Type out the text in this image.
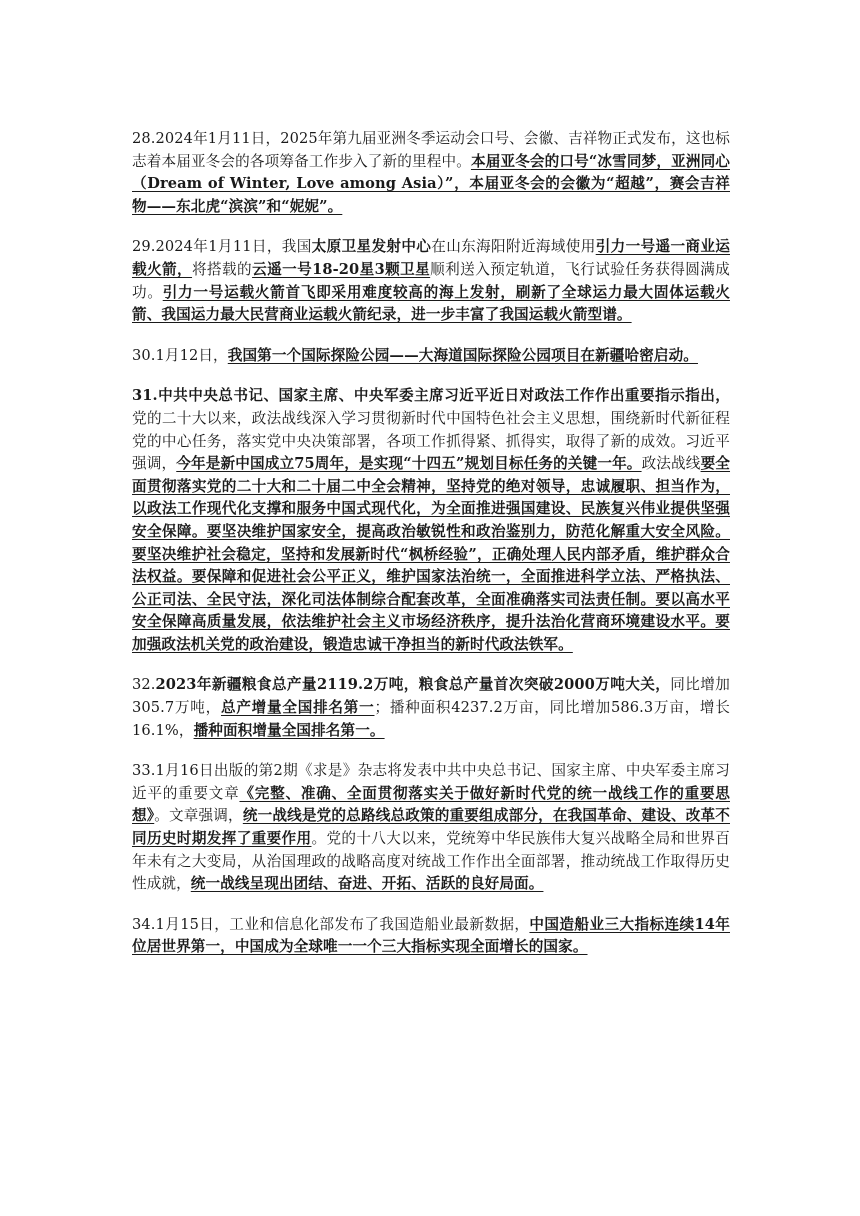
28.2024年1月11日，2025年第九届亚洲冬季运动会口号、会徽、吉祥物正式发布，这也标志着本届亚冬会的各项筹备工作步入了新的里程中。本届亚冬会的口号“冰雪同梦，亚洲同心（Dream of Winter, Love among Asia）”，本届亚冬会的会徽为“超越”，赛会吉祥物——东北虎“滨滨”和“妮妮”。

29.2024年1月11日，我国太原卫星发射中心在山东海阳附近海域使用引力一号遥一商业运载火箭，将搭载的云遥一号18-20星3颗卫星顺利送入预定轨道，飞行试验任务获得圆满成功。引力一号运载火箭首飞即采用难度较高的海上发射，刷新了全球运力最大固体运载火箭、我国运力最大民营商业运载火箭纪录，进一步丰富了我国运载火箭型谱。

30.1月12日，我国第一个国际探险公园——大海道国际探险公园项目在新疆哈密启动。

31.中共中央总书记、国家主席、中央军委主席习近平近日对政法工作作出重要指示指出，党的二十大以来，政法战线深入学习贯彻新时代中国特色社会主义思想，围绕新时代新征程党的中心任务，落实党中央决策部署，各项工作抓得紧、抓得实，取得了新的成效。习近平强调，今年是新中国成立75周年，是实现“十四五”规划目标任务的关键一年。政法战线要全面贯彻落实党的二十大和二十届二中全会精神，坚持党的绝对领导，忠诚履职、担当作为，以政法工作现代化支撑和服务中国式现代化，为全面推进强国建设、民族复兴伟业提供坚强安全保障。要坚决维护国家安全，提高政治敏锐性和政治鉴别力，防范化解重大安全风险。要坚决维护社会稳定，坚持和发展新时代“枫桥经验”，正确处理人民内部矛盾，维护群众合法权益。要保障和促进社会公平正义，维护国家法治统一，全面推进科学立法、严格执法、公正司法、全民守法，深化司法体制综合配套改革，全面准确落实司法责任制。要以高水平安全保障高质量发展，依法维护社会主义市场经济秩序，提升法治化营商环境建设水平。要加强政法机关党的政治建设，锻造忠诚干净担当的新时代政法铁军。

32.2023年新疆粮食总产量2119.2万吨，粮食总产量首次突破2000万吨大关，同比增加305.7万吨，总产增量全国排名第一；播种面积4237.2万亩，同比增加586.3万亩，增长16.1%，播种面积增量全国排名第一。

33.1月16日出版的第2期《求是》杂志将发表中共中央总书记、国家主席、中央军委主席习近平的重要文章《完整、准确、全面贯彻落实关于做好新时代党的统一战线工作的重要思想》。文章强调，统一战线是党的总路线总政策的重要组成部分，在我国革命、建设、改革不同历史时期发挥了重要作用。党的十八大以来，党统筹中华民族伟大复兴战略全局和世界百年未有之大变局，从治国理政的战略高度对统战工作作出全面部署，推动统战工作取得历史性成就，统一战线呈现出团结、奋进、开拓、活跃的良好局面。

34.1月15日，工业和信息化部发布了我国造船业最新数据，中国造船业三大指标连续14年位居世界第一，中国成为全球唯一一个三大指标实现全面增长的国家。
